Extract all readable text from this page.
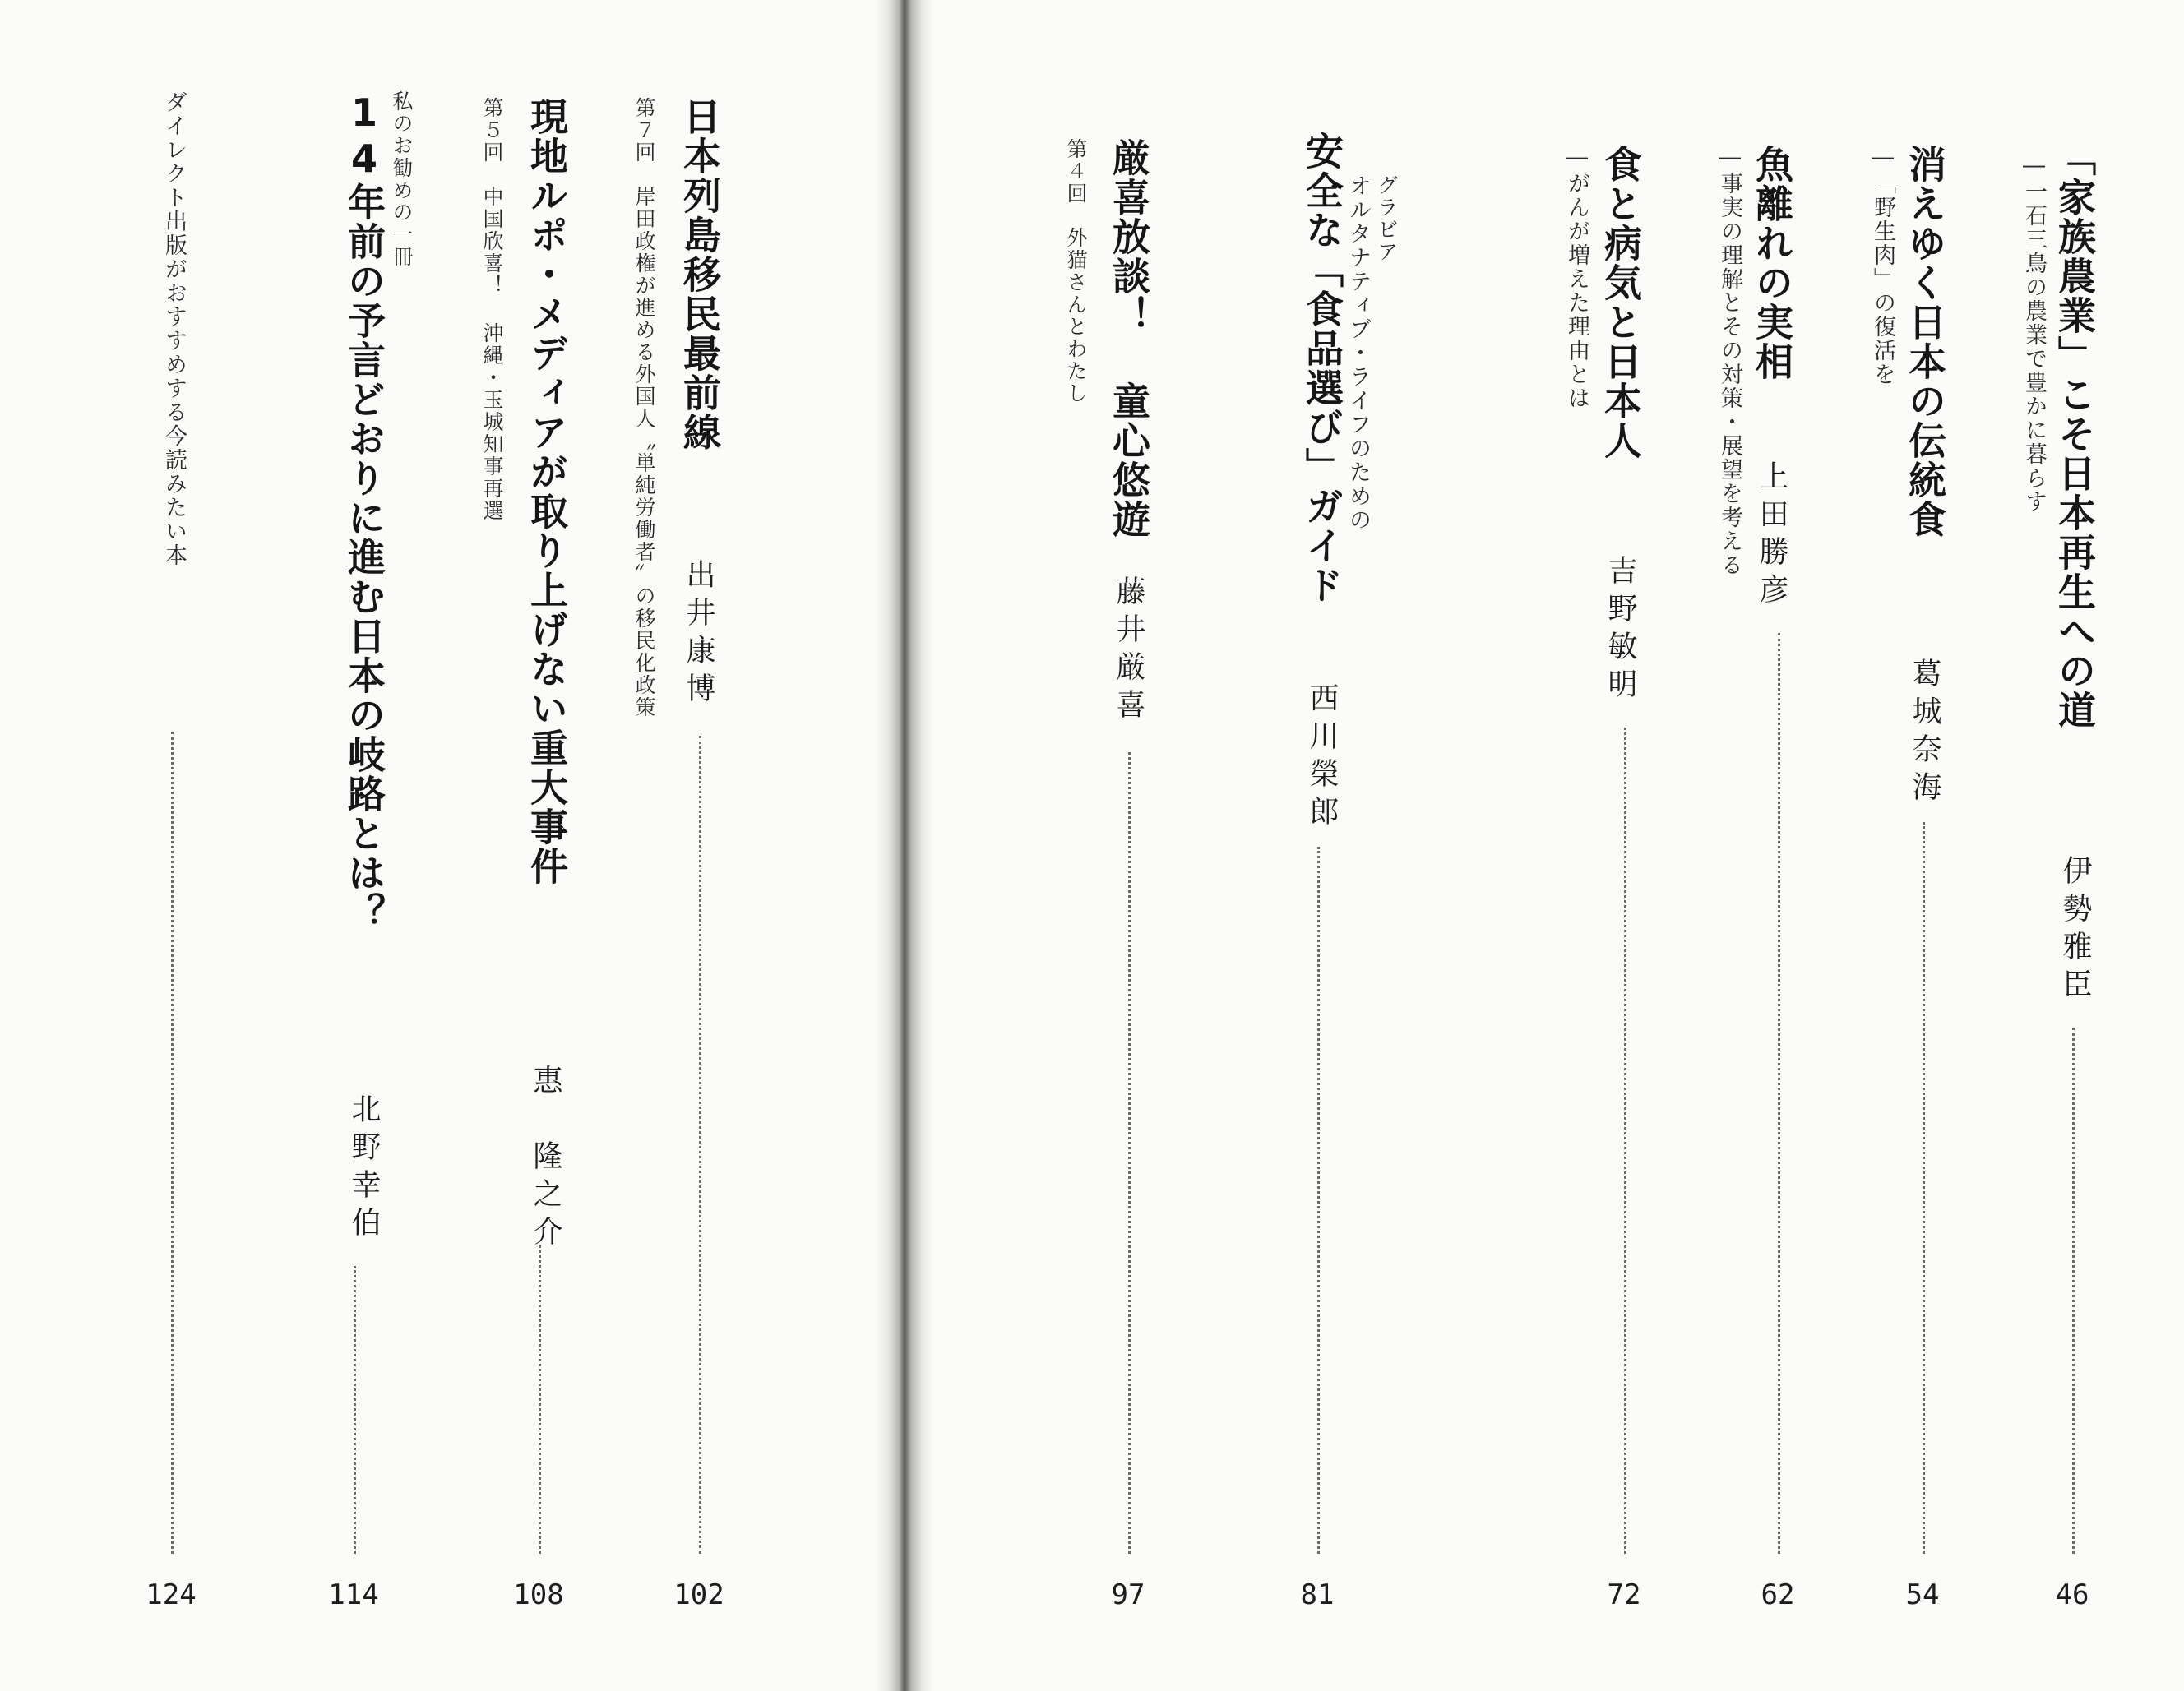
「家族農業」こそ日本再生への道
―一石三鳥の農業で豊かに暮らす
伊勢雅臣
46
消えゆく日本の伝統食
―「野生肉」の復活を
葛城奈海
54
魚離れの実相
―事実の理解とその対策・展望を考える 上田勝彦
62
食と病気と日本人
―がんが増えた理由とは
吉野敏明
72
グラビア
オルタナティブ・ライフのための
安全な「食品選び」ガイド
西川榮郎
81
第４回　外猫さんとわたし 厳喜放談！ 童心悠遊
藤井厳喜
97
日本列島移民最前線
第７回　岸田政権が進める外国人〝単純労働者〟の移民化政策 出井康博
102
現地ルポ・メディアが取り上げない重大事件
第５回　中国欣喜！ 沖縄・玉城知事再選
惠　隆之介
108
私のお勧めの一冊
14年前の予言どおりに進む日本の岐路とは？
北野幸伯
114
ダイレクト出版がおすすめする今読みたい本
124
